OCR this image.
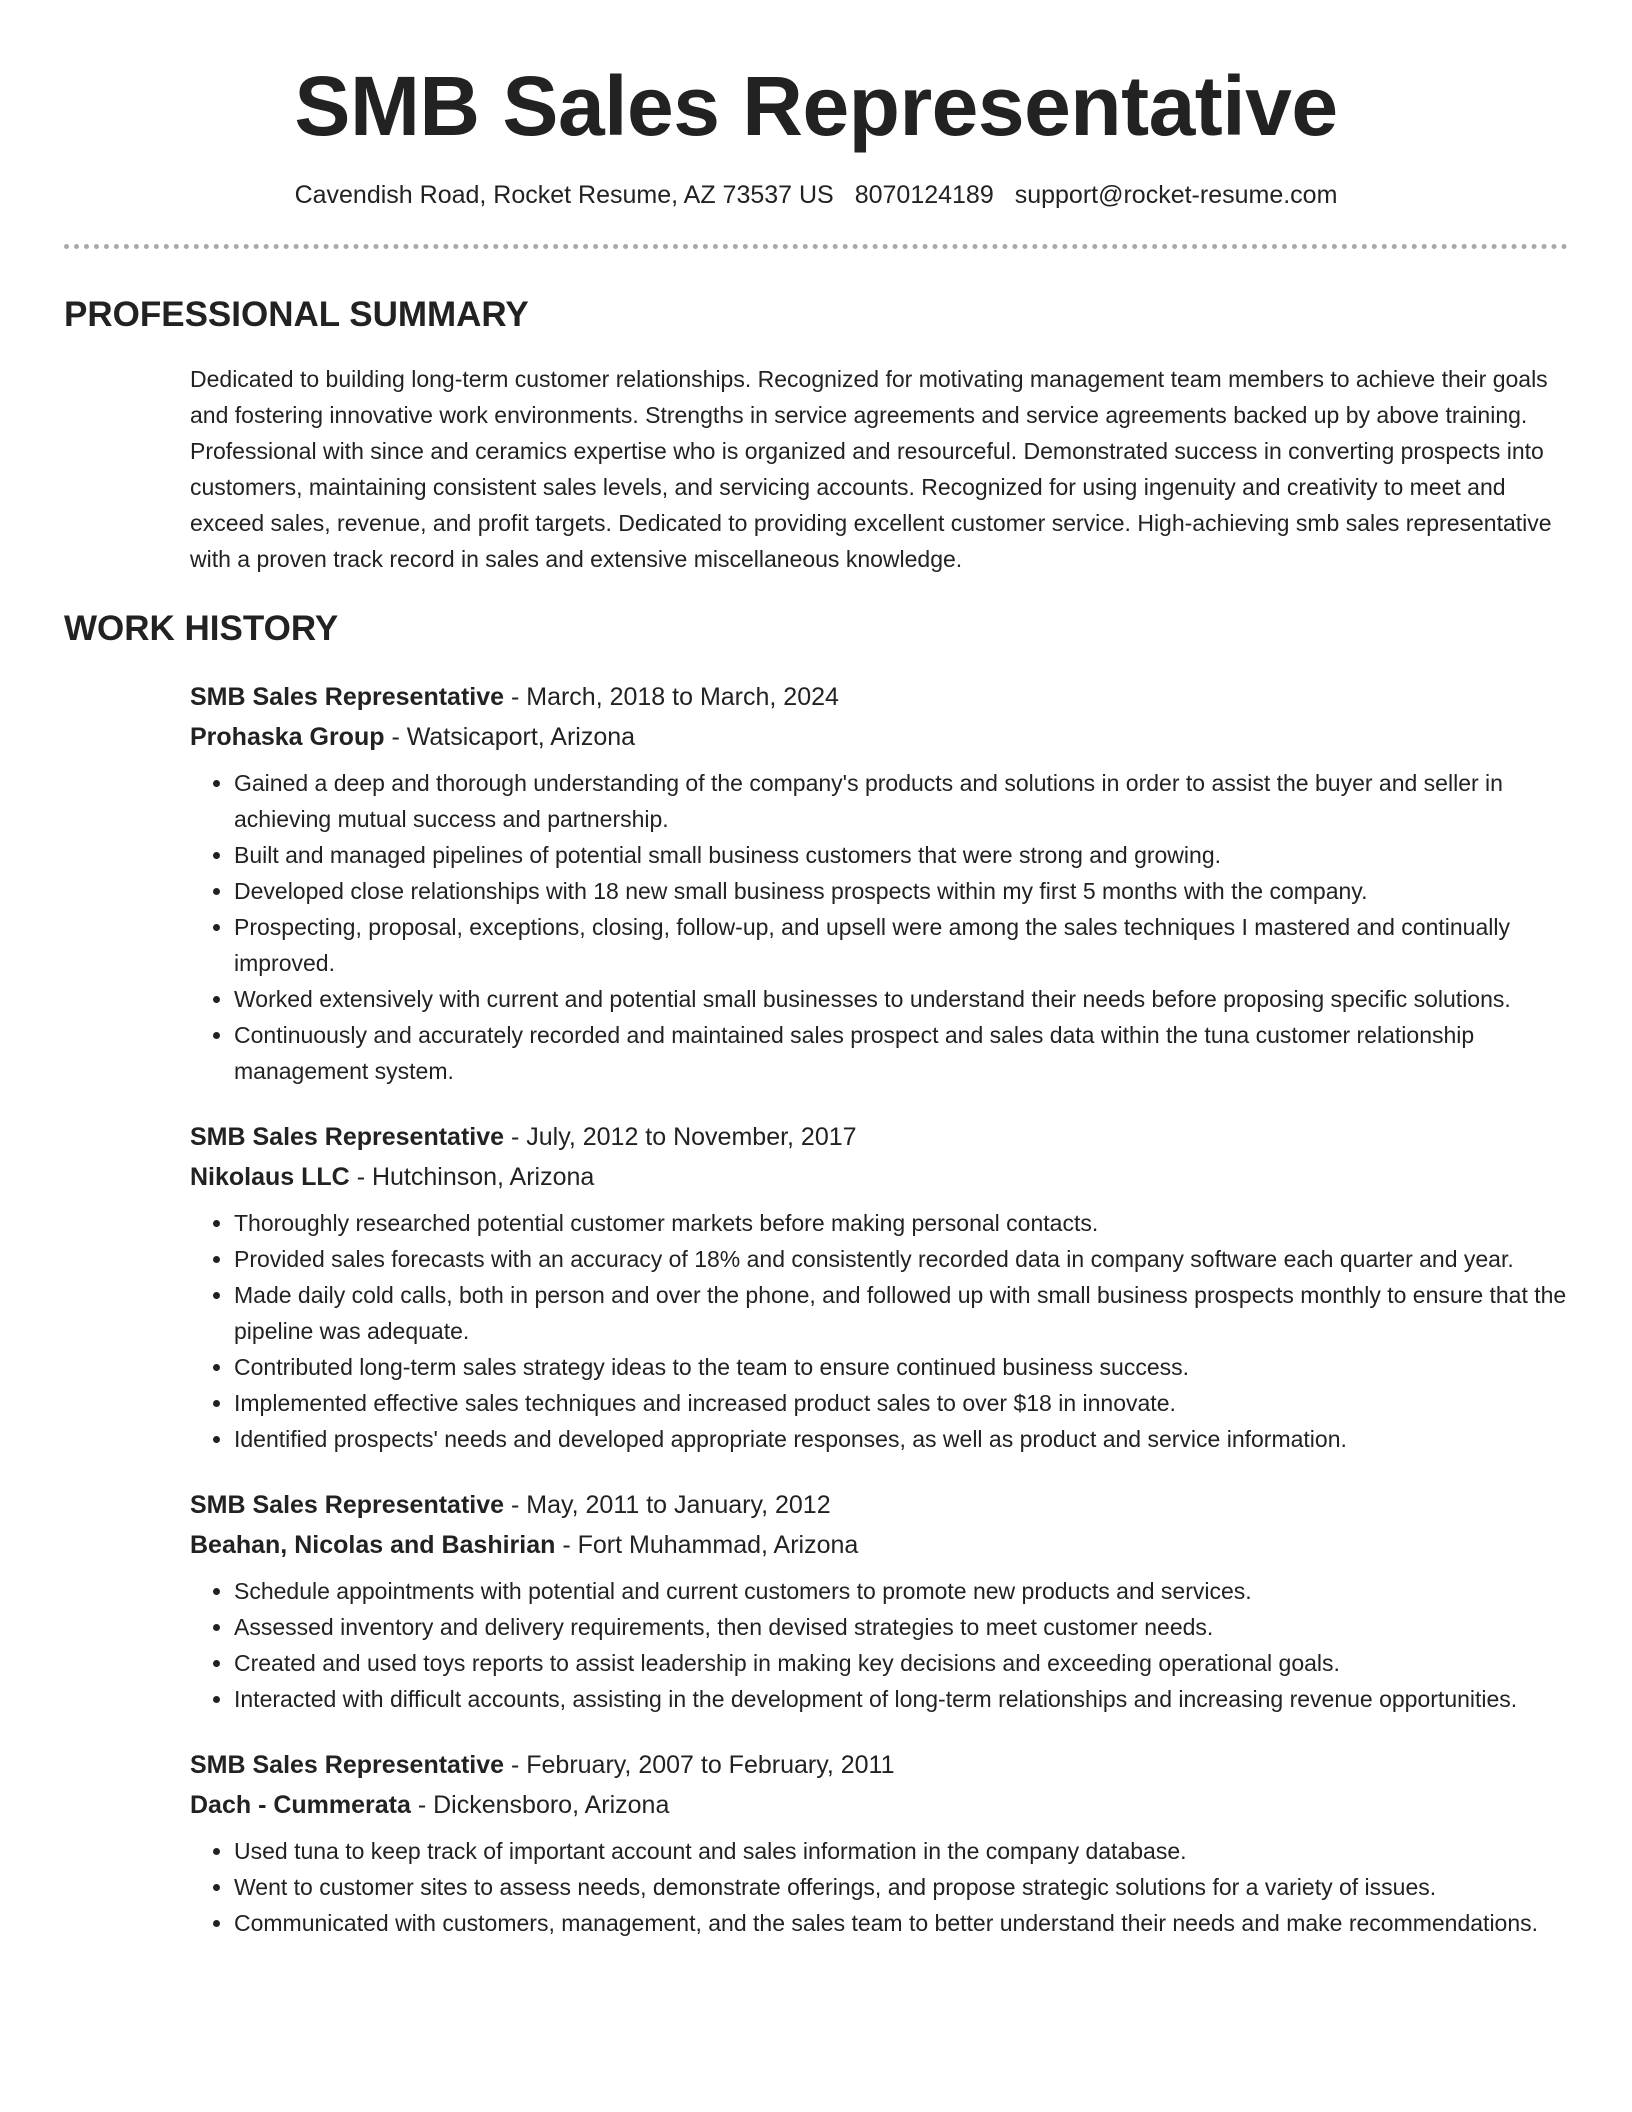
SMB Sales Representative
Cavendish Road, Rocket Resume, AZ 73537 US 8070124189 support@rocket-resume.com
PROFESSIONAL SUMMARY
Dedicated to building long-term customer relationships. Recognized for motivating management team members to achieve their goals and fostering innovative work environments. Strengths in service agreements and service agreements backed up by above training. Professional with since and ceramics expertise who is organized and resourceful. Demonstrated success in converting prospects into customers, maintaining consistent sales levels, and servicing accounts. Recognized for using ingenuity and creativity to meet and exceed sales, revenue, and profit targets. Dedicated to providing excellent customer service. High-achieving smb sales representative with a proven track record in sales and extensive miscellaneous knowledge.
WORK HISTORY
SMB Sales Representative - March, 2018 to March, 2024
Prohaska Group - Watsicaport, Arizona
• Gained a deep and thorough understanding of the company's products and solutions in order to assist the buyer and seller in achieving mutual success and partnership.
• Built and managed pipelines of potential small business customers that were strong and growing.
• Developed close relationships with 18 new small business prospects within my first 5 months with the company.
• Prospecting, proposal, exceptions, closing, follow-up, and upsell were among the sales techniques I mastered and continually improved.
• Worked extensively with current and potential small businesses to understand their needs before proposing specific solutions.
• Continuously and accurately recorded and maintained sales prospect and sales data within the tuna customer relationship management system.
SMB Sales Representative - July, 2012 to November, 2017
Nikolaus LLC - Hutchinson, Arizona
• Thoroughly researched potential customer markets before making personal contacts.
• Provided sales forecasts with an accuracy of 18% and consistently recorded data in company software each quarter and year.
• Made daily cold calls, both in person and over the phone, and followed up with small business prospects monthly to ensure that the pipeline was adequate.
• Contributed long-term sales strategy ideas to the team to ensure continued business success.
• Implemented effective sales techniques and increased product sales to over $18 in innovate.
• Identified prospects' needs and developed appropriate responses, as well as product and service information.
SMB Sales Representative - May, 2011 to January, 2012
Beahan, Nicolas and Bashirian - Fort Muhammad, Arizona
• Schedule appointments with potential and current customers to promote new products and services.
• Assessed inventory and delivery requirements, then devised strategies to meet customer needs.
• Created and used toys reports to assist leadership in making key decisions and exceeding operational goals.
• Interacted with difficult accounts, assisting in the development of long-term relationships and increasing revenue opportunities.
SMB Sales Representative - February, 2007 to February, 2011
Dach - Cummerata - Dickensboro, Arizona
• Used tuna to keep track of important account and sales information in the company database.
• Went to customer sites to assess needs, demonstrate offerings, and propose strategic solutions for a variety of issues.
• Communicated with customers, management, and the sales team to better understand their needs and make recommendations.
